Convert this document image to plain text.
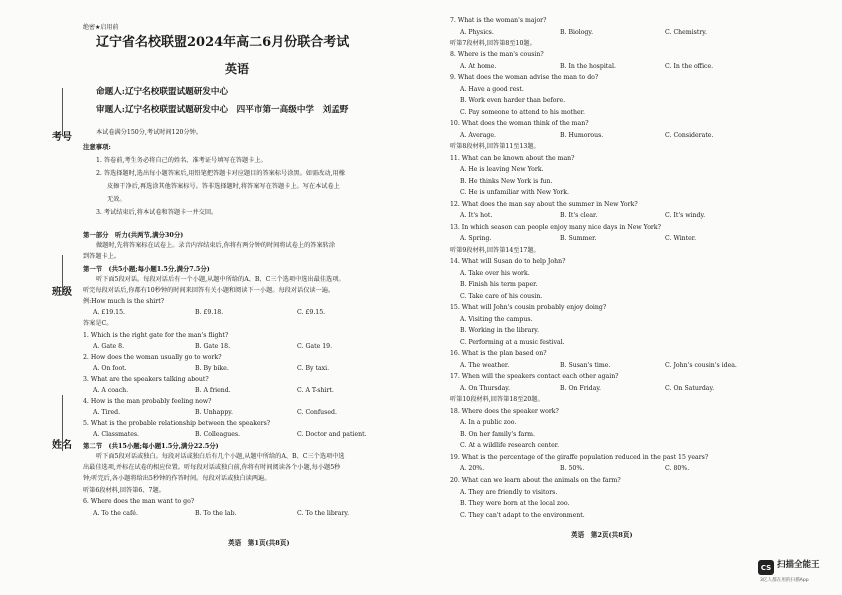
考号
班级
姓名
绝密★启用前
辽宁省名校联盟2024年高二6月份联合考试
英语
命题人:辽宁名校联盟试题研发中心
审题人:辽宁名校联盟试题研发中心　四平市第一高级中学　刘孟野
本试卷满分150分,考试时间120分钟。
注意事项:
1. 答卷前,考生务必将自己的姓名、准考证号填写在答题卡上。
2. 答选择题时,选出每小题答案后,用铅笔把答题卡对应题目的答案标号涂黑。如需改动,用橡
皮擦干净后,再选涂其他答案标号。答非选择题时,将答案写在答题卡上。写在本试卷上
无效。
3. 考试结束后,将本试卷和答题卡一并交回。
第一部分　听力(共两节,满分30分)
做题时,先将答案标在试卷上。录音内容结束后,你将有两分钟的时间将试卷上的答案转涂
到答题卡上。
第一节　(共5小题;每小题1.5分,满分7.5分)
听下面5段对话。每段对话后有一个小题,从题中所给的A、B、C三个选项中选出最佳选项。
听完每段对话后,你都有10秒钟的时间来回答有关小题和阅读下一小题。每段对话仅读一遍。
例:How much is the shirt?
A. £19.15.	B. £9.18.	C. £9.15.
答案是C。
1. Which is the right gate for the man's flight?
A. Gate 8.	B. Gate 18.	C. Gate 19.
2. How does the woman usually go to work?
A. On foot.	B. By bike.	C. By taxi.
3. What are the speakers talking about?
A. A coach.	B. A friend.	C. A T-shirt.
4. How is the man probably feeling now?
A. Tired.	B. Unhappy.	C. Confused.
5. What is the probable relationship between the speakers?
A. Classmates.	B. Colleagues.	C. Doctor and patient.
第二节　(共15小题;每小题1.5分,满分22.5分)
听下面5段对话或独白。每段对话或独白后有几个小题,从题中所给的A、B、C三个选项中选
出最佳选项,并标在试卷的相应位置。听每段对话或独白前,你将有时间阅读各个小题,每小题5秒
钟;听完后,各小题将给出5秒钟的作答时间。每段对话或独白读两遍。
听第6段材料,回答第6、7题。
6. Where does the man want to go?
A. To the café.	B. To the lab.	C. To the library.
英语　第1页(共8页)
7. What is the woman's major?
A. Physics.	B. Biology.	C. Chemistry.
听第7段材料,回答第8至10题。
8. Where is the man's cousin?
A. At home.	B. In the hospital.	C. In the office.
9. What does the woman advise the man to do?
A. Have a good rest.
B. Work even harder than before.
C. Pay someone to attend to his mother.
10. What does the woman think of the man?
A. Average.	B. Humorous.	C. Considerate.
听第8段材料,回答第11至13题。
11. What can be known about the man?
A. He is leaving New York.
B. He thinks New York is fun.
C. He is unfamiliar with New York.
12. What does the man say about the summer in New York?
A. It's hot.	B. It's clear.	C. It's windy.
13. In which season can people enjoy many nice days in New York?
A. Spring.	B. Summer.	C. Winter.
听第9段材料,回答第14至17题。
14. What will Susan do to help John?
A. Take over his work.
B. Finish his term paper.
C. Take care of his cousin.
15. What will John's cousin probably enjoy doing?
A. Visiting the campus.
B. Working in the library.
C. Performing at a music festival.
16. What is the plan based on?
A. The weather.	B. Susan's time.	C. John's cousin's idea.
17. When will the speakers contact each other again?
A. On Thursday.	B. On Friday.	C. On Saturday.
听第10段材料,回答第18至20题。
18. Where does the speaker work?
A. In a public zoo.
B. On her family's farm.
C. At a wildlife research center.
19. What is the percentage of the giraffe population reduced in the past 15 years?
A. 20%.	B. 50%.	C. 80%.
20. What can we learn about the animals on the farm?
A. They are friendly to visitors.
B. They were born at the local zoo.
C. They can't adapt to the environment.
英语　第2页(共8页)
CS 扫描全能王
3亿人都在用的扫描App
